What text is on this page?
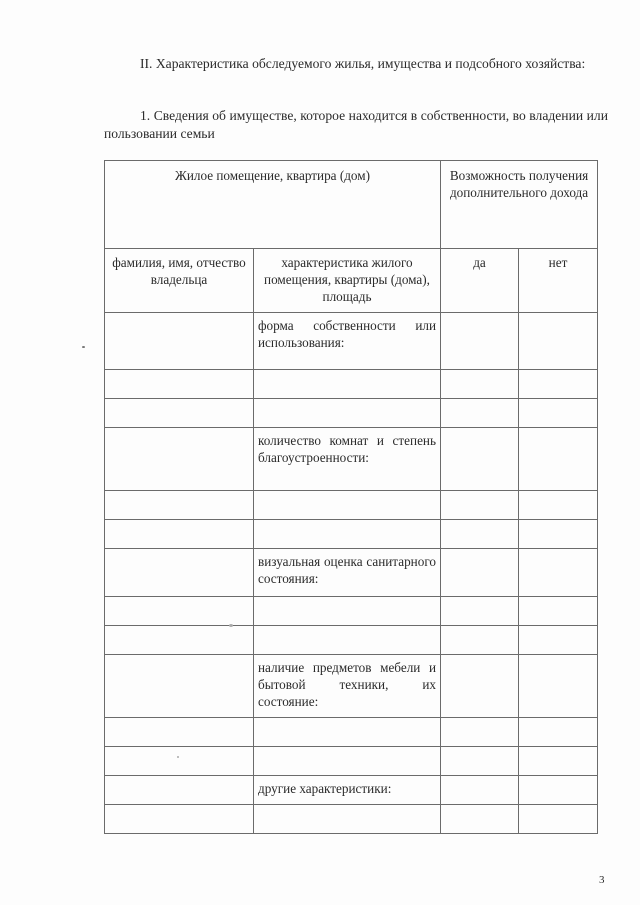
II. Характеристика обследуемого жилья, имущества и подсобного хозяйства:
1. Сведения об имуществе, которое находится в собственности, во владении или пользовании семьи
Жилое помещение, квартира (дом)		Возможность получения дополнительного дохода	

фамилия, имя, отчество владельца	характеристика жилого помещения, квартиры (дома), площадь	да	нет
	форма собственности или использования:		

	количество комнат и степень благоустроенности:		

	визуальная оценка санитарного состояния:		

	наличие предметов мебели и бытовой техники, их состояние:		

	другие характеристики:		

3
